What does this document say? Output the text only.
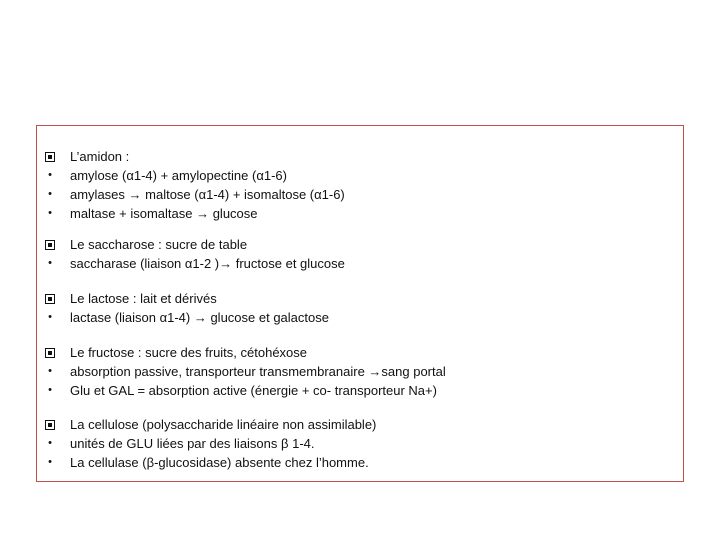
L’amidon :
•	amylose (α1-4) + amylopectine (α1-6)
•	amylases → maltose (α1-4) + isomaltose (α1-6)
•	maltase + isomaltase → glucose
Le saccharose : sucre de table
•	saccharase (liaison α1-2 )→ fructose et glucose
Le lactose : lait et dérivés
•	lactase (liaison α1-4) → glucose et galactose
Le fructose : sucre des fruits, cétohéxose
•	absorption passive, transporteur transmembranaire →sang portal
•	Glu et GAL = absorption active (énergie + co- transporteur Na+)
La cellulose (polysaccharide linéaire non assimilable)
•	unités de GLU liées par des liaisons β 1-4.
•	La cellulase (β-glucosidase) absente chez l’homme.
